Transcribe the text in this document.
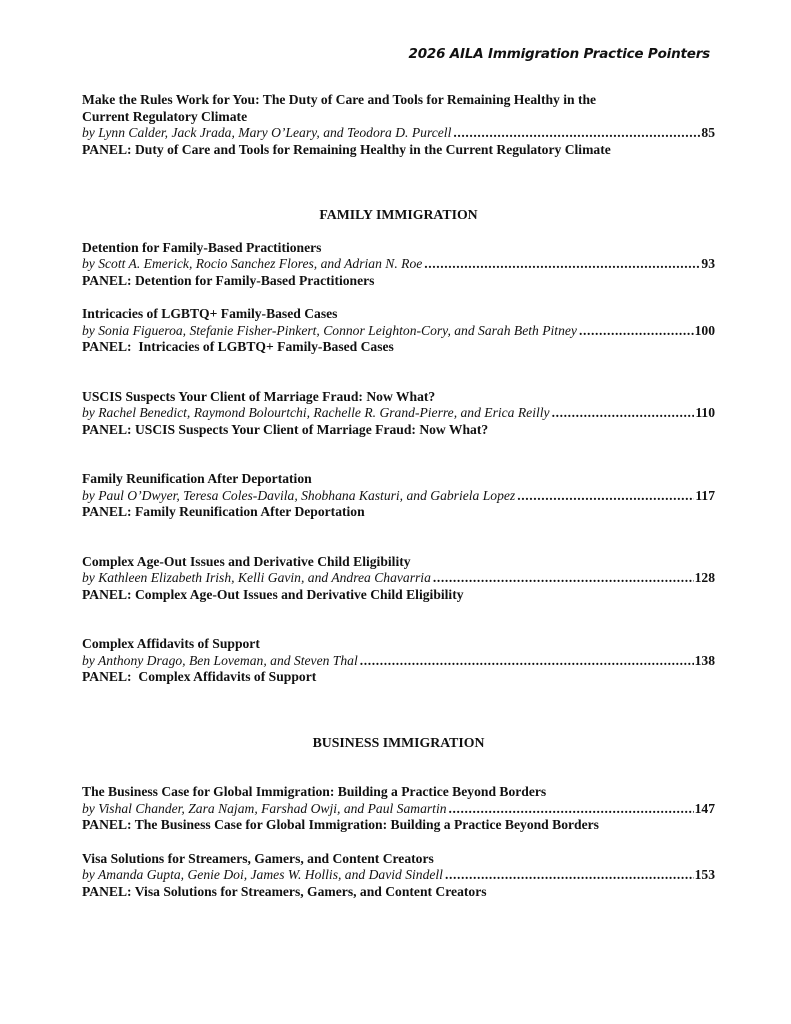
2026 AILA Immigration Practice Pointers
Make the Rules Work for You: The Duty of Care and Tools for Remaining Healthy in the
Current Regulatory Climate
by Lynn Calder, Jack Jrada, Mary O’Leary, and Teodora D. Purcell .....	85
PANEL: Duty of Care and Tools for Remaining Healthy in the Current Regulatory Climate
FAMILY IMMIGRATION
Detention for Family-Based Practitioners
by Scott A. Emerick, Rocio Sanchez Flores, and Adrian N. Roe .....	93
PANEL: Detention for Family-Based Practitioners
Intricacies of LGBTQ+ Family-Based Cases
by Sonia Figueroa, Stefanie Fisher-Pinkert, Connor Leighton-Cory, and Sarah Beth Pitney .....	100
PANEL:  Intricacies of LGBTQ+ Family-Based Cases
USCIS Suspects Your Client of Marriage Fraud: Now What?
by Rachel Benedict, Raymond Bolourtchi, Rachelle R. Grand-Pierre, and Erica Reilly .....	110
PANEL: USCIS Suspects Your Client of Marriage Fraud: Now What?
Family Reunification After Deportation
by Paul O’Dwyer, Teresa Coles-Davila, Shobhana Kasturi, and Gabriela Lopez .....	117
PANEL: Family Reunification After Deportation
Complex Age-Out Issues and Derivative Child Eligibility
by Kathleen Elizabeth Irish, Kelli Gavin, and Andrea Chavarria .....	128
PANEL: Complex Age-Out Issues and Derivative Child Eligibility
Complex Affidavits of Support
by Anthony Drago, Ben Loveman, and Steven Thal .....	138
PANEL:  Complex Affidavits of Support
BUSINESS IMMIGRATION
The Business Case for Global Immigration: Building a Practice Beyond Borders
by Vishal Chander, Zara Najam, Farshad Owji, and Paul Samartin .....	147
PANEL: The Business Case for Global Immigration: Building a Practice Beyond Borders
Visa Solutions for Streamers, Gamers, and Content Creators
by Amanda Gupta, Genie Doi, James W. Hollis, and David Sindell .....	153
PANEL: Visa Solutions for Streamers, Gamers, and Content Creators
